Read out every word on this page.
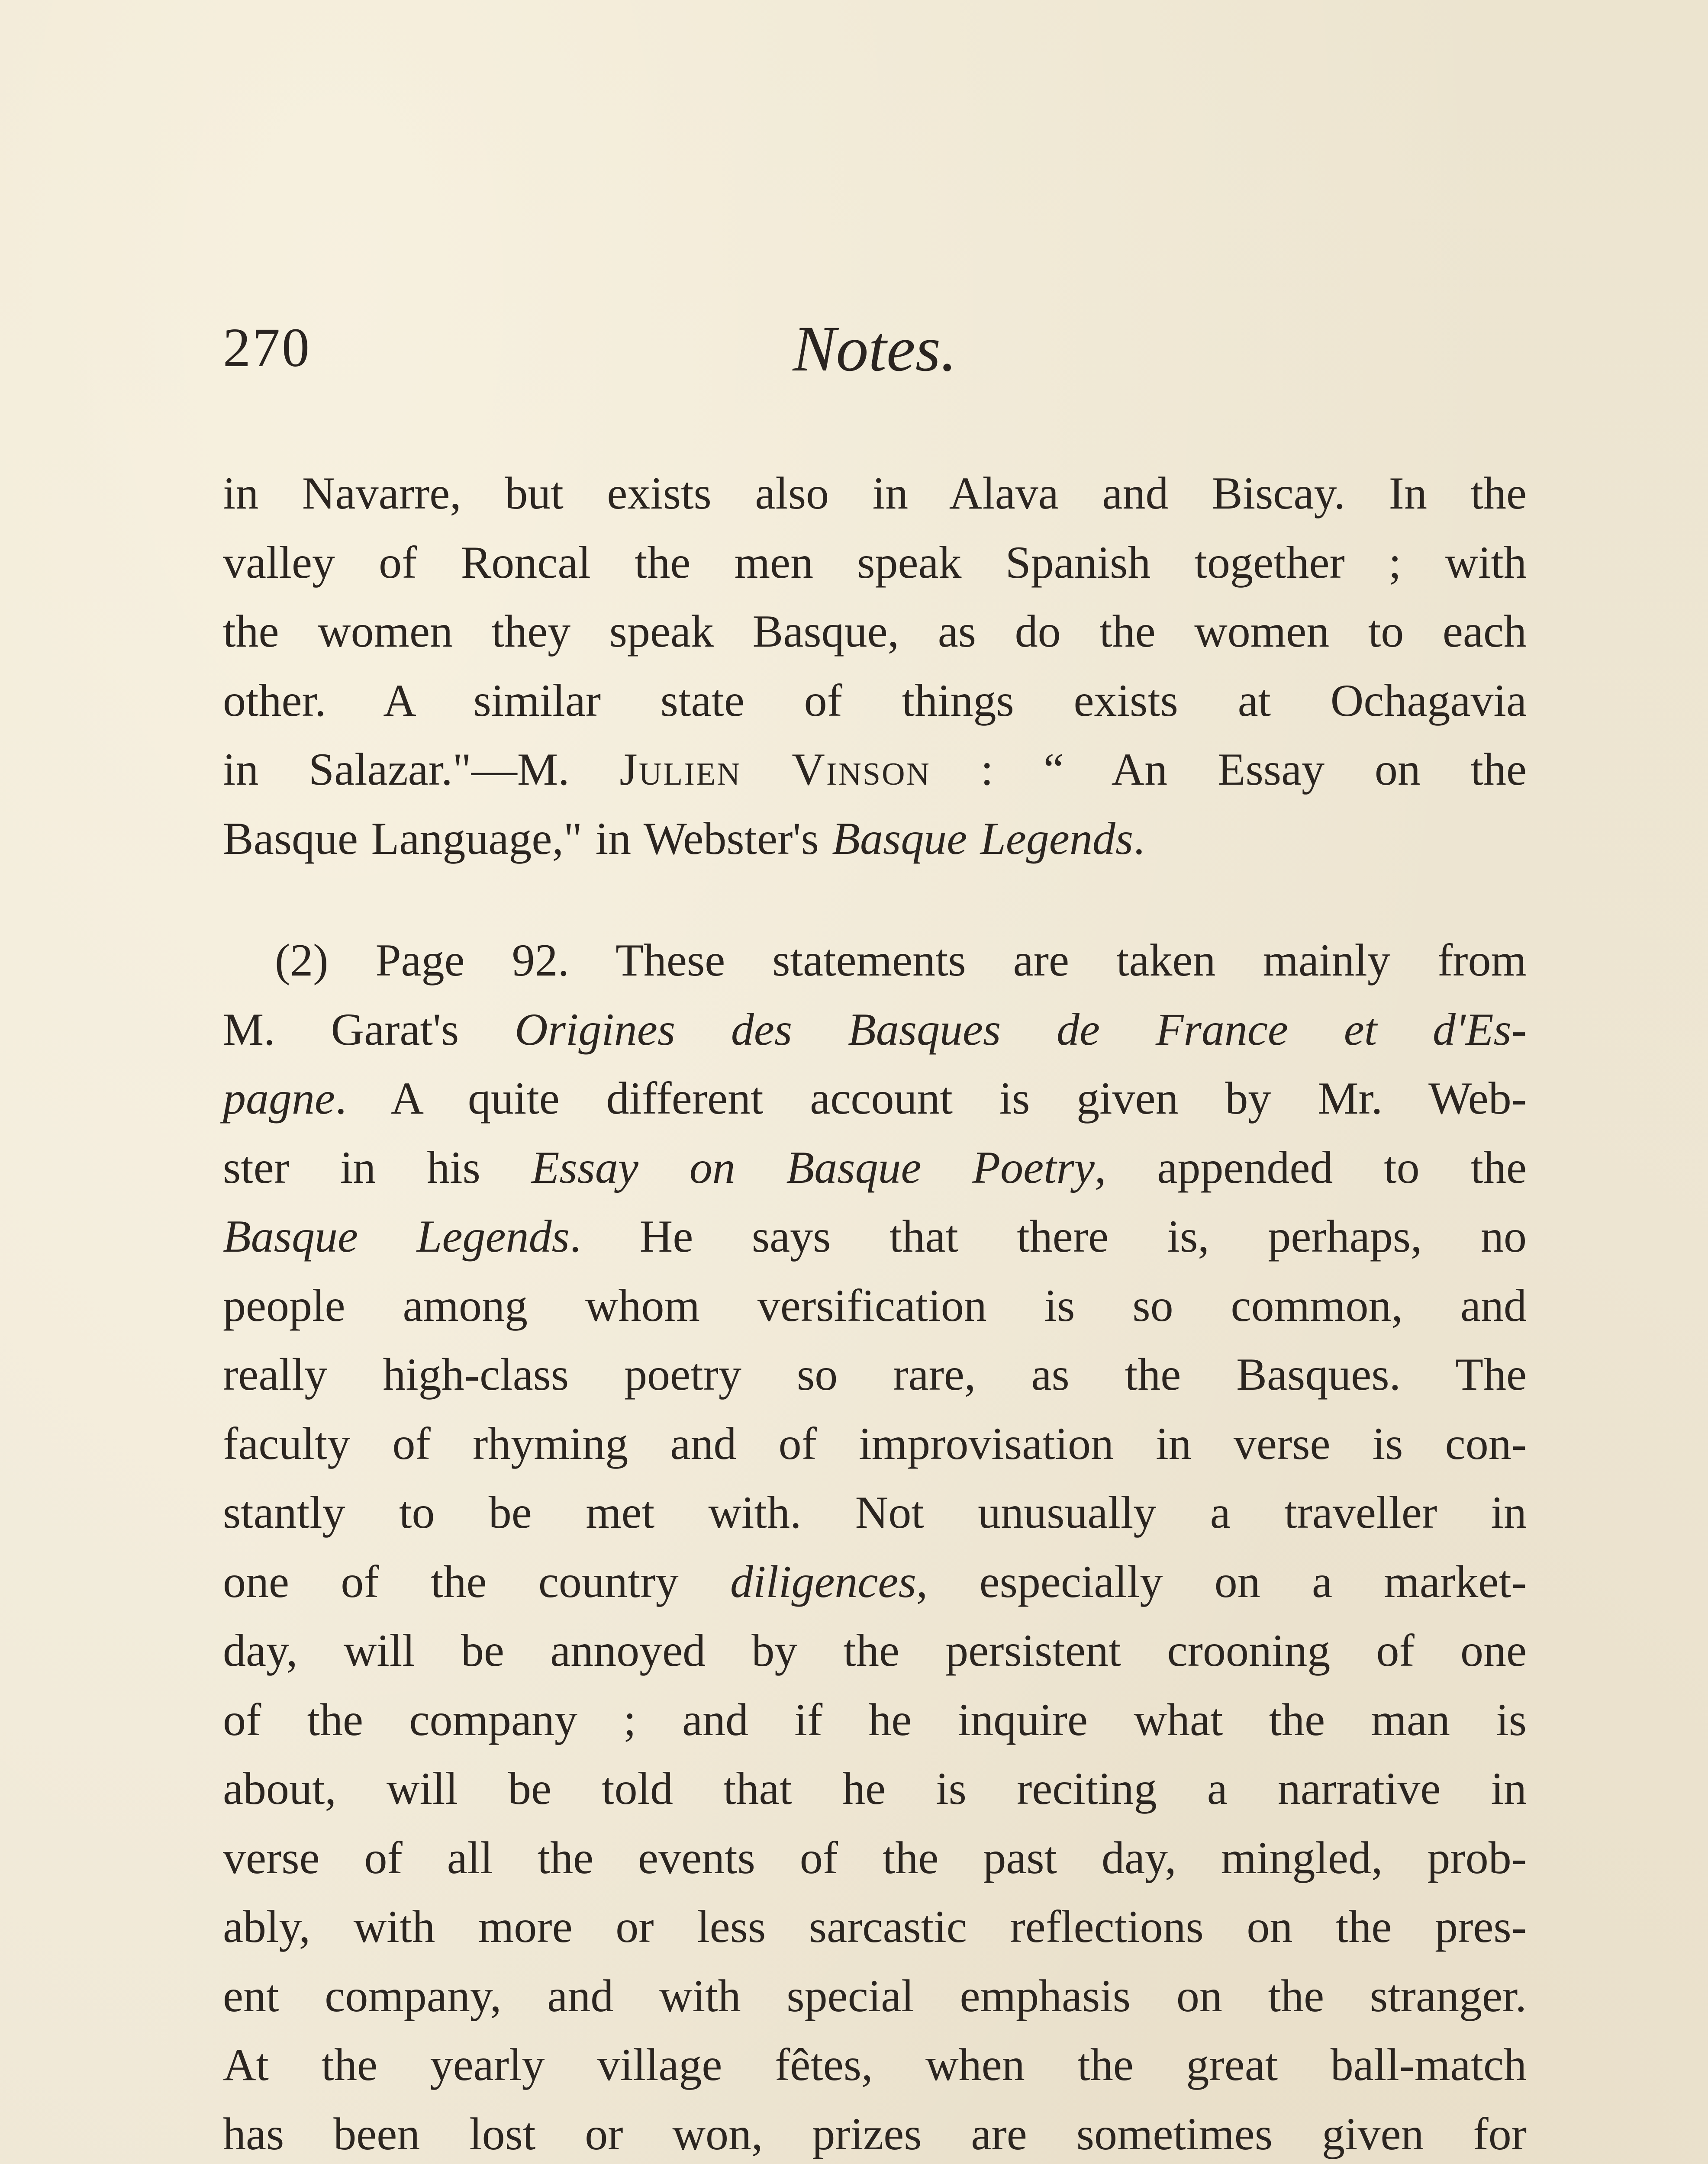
270	Notes.

in Navarre, but exists also in Alava and Biscay. In the
valley of Roncal the men speak Spanish together ; with
the women they speak Basque, as do the women to each
other. A similar state of things exists at Ochagavia
in Salazar."—M. Julien Vinson : “ An Essay on the
Basque Language," in Webster's Basque Legends.

(2) Page 92. These statements are taken mainly from
M. Garat's Origines des Basques de France et d'Es-
pagne. A quite different account is given by Mr. Web-
ster in his Essay on Basque Poetry, appended to the
Basque Legends. He says that there is, perhaps, no
people among whom versification is so common, and
really high-class poetry so rare, as the Basques. The
faculty of rhyming and of improvisation in verse is con-
stantly to be met with. Not unusually a traveller in
one of the country diligences, especially on a market-
day, will be annoyed by the persistent crooning of one
of the company ; and if he inquire what the man is
about, will be told that he is reciting a narrative in
verse of all the events of the past day, mingled, prob-
ably, with more or less sarcastic reflections on the pres-
ent company, and with special emphasis on the stranger.
At the yearly village fêtes, when the great ball-match
has been lost or won, prizes are sometimes given for
